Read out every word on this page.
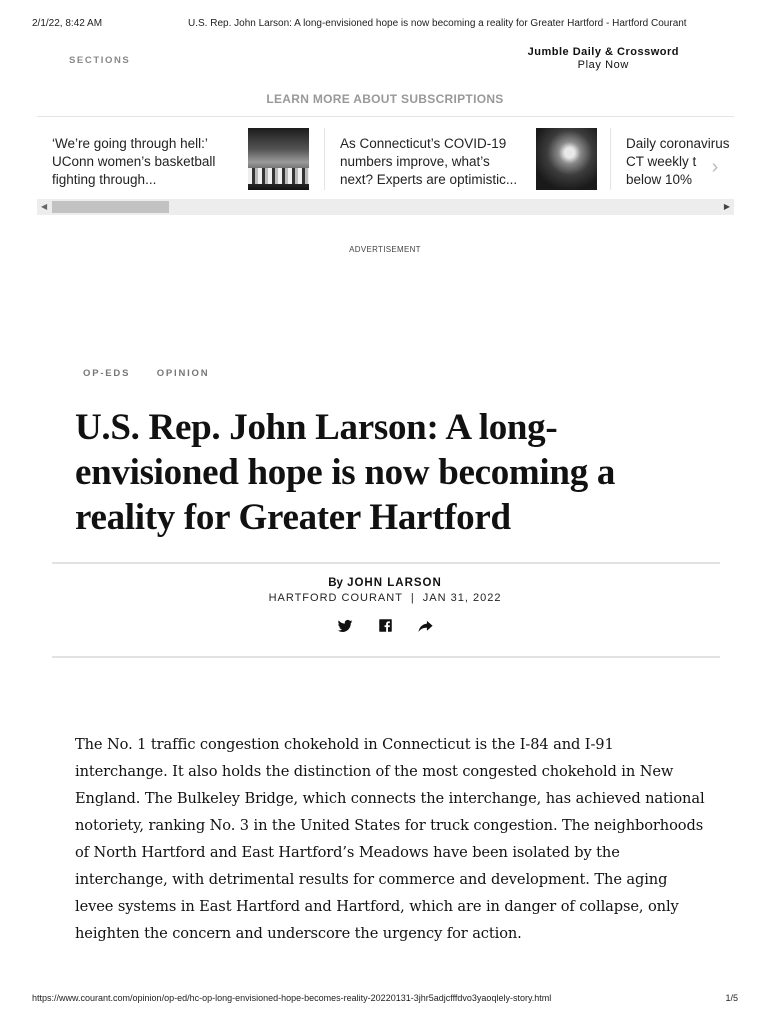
2/1/22, 8:42 AM	U.S. Rep. John Larson: A long-envisioned hope is now becoming a reality for Greater Hartford - Hartford Courant
SECTIONS
Jumble Daily & Crossword
Play Now
LEARN MORE ABOUT SUBSCRIPTIONS
‘We’re going through hell:’ UConn women’s basketball fighting through...
As Connecticut’s COVID-19 numbers improve, what’s next? Experts are optimistic...
Daily coronavirus
CT weekly t
below 10%
›
◀	▶
ADVERTISEMENT
OP-EDS	OPINION
U.S. Rep. John Larson: A long-envisioned hope is now becoming a reality for Greater Hartford
By JOHN LARSON
HARTFORD COURANT | JAN 31, 2022

The No. 1 traffic congestion chokehold in Connecticut is the I-84 and I-91 interchange. It also holds the distinction of the most congested chokehold in New England. The Bulkeley Bridge, which connects the interchange, has achieved national notoriety, ranking No. 3 in the United States for truck congestion. The neighborhoods of North Hartford and East Hartford’s Meadows have been isolated by the interchange, with detrimental results for commerce and development. The aging levee systems in East Hartford and Hartford, which are in danger of collapse, only heighten the concern and underscore the urgency for action.

https://www.courant.com/opinion/op-ed/hc-op-long-envisioned-hope-becomes-reality-20220131-3jhr5adjcfffdvo3yaoqlely-story.html	1/5
